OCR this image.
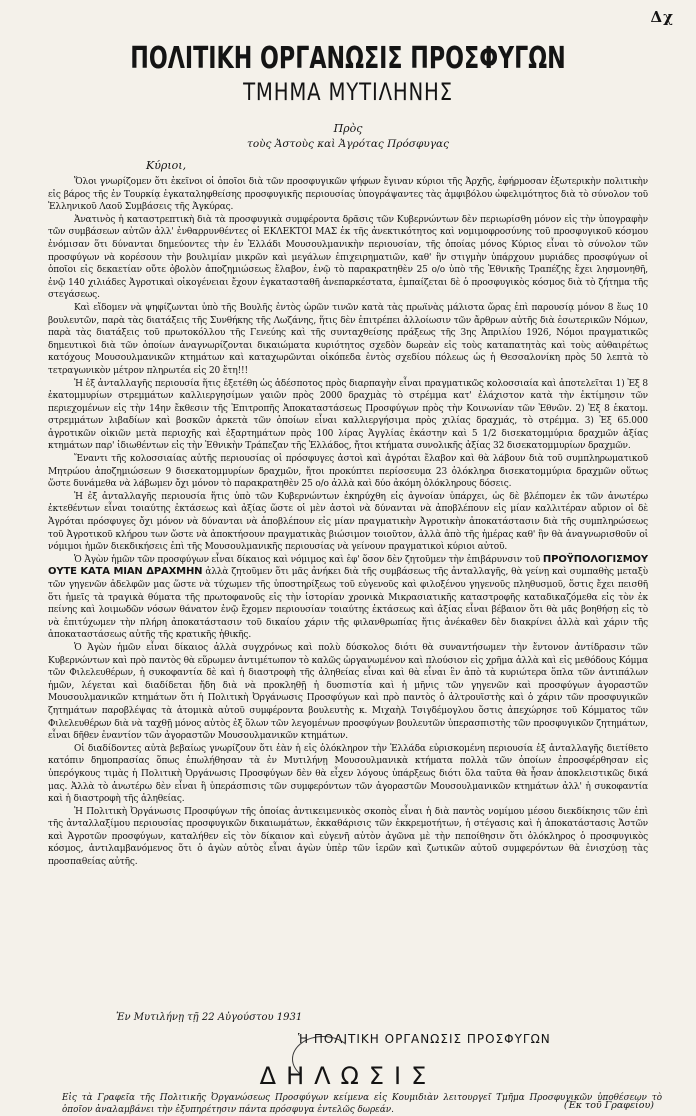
Δχ
ΠΟΛΙΤΙΚΗ ΟΡΓΑΝΩΣΙΣ ΠΡΟΣΦΥΓΩΝ
ΤΜΗΜΑ ΜΥΤΙΛΗΝΗΣ
Πρὸς
τοὺς Ἀστοὺς καὶ Ἀγρότας Πρόσφυγας
Κύριοι,

Ὅλοι γνωρίζομεν ὅτι ἐκεῖνοι οἱ ὁποῖοι διὰ τῶν προσφυγικῶν ψήφων ἔγιναν κύριοι τῆς Ἀρχῆς, ἐφήρμοσαν ἐξωτερικὴν πολιτικὴν εἰς βάρος τῆς ἐν Τουρκίᾳ ἐγκαταληφθείσης προσφυγικῆς περιουσίας ὑπογράψαντες τὰς ἀμφιβόλου ὠφελιμότητος διὰ τὸ σύνολον τοῦ Ἑλληνικοῦ Λαοῦ Συμβάσεις τῆς Ἀγκύρας.

Ἀνατινὸς ἡ καταστρεπτικὴ διὰ τὰ προσφυγικὰ συμφέροντα δρᾶσις τῶν Κυβερνώντων δὲν περιωρίσθη μόνον εἰς τὴν ὑπογραφὴν τῶν συμβάσεων αὐτῶν ἀλλ' ἐνθαρρυνθέντες οἱ ΕΚΛΕΚΤΟΙ ΜΑΣ ἐκ τῆς ἀνεκτικότητος καὶ νομιμοφροσύνης τοῦ προσφυγικοῦ κόσμου ἐνόμισαν ὅτι δύνανται δημεύοντες τὴν ἐν Ἑλλάδι Μουσουλμανικὴν περιουσίαν, τῆς ὁποίας μόνος Κύριος εἶναι τὸ σύνολον τῶν προσφύγων νὰ κορέσουν τὴν βουλιμίαν μικρῶν καὶ μεγάλων ἐπιχειρηματιῶν, καθ' ἣν στιγμὴν ὑπάρχουν μυριάδες προσφύγων οἱ ὁποῖοι εἰς δεκαετίαν οὔτε ὀβολὸν ἀποζημιώσεως ἔλαβον, ἐνῷ τὸ παρακρατηθὲν 25 ο/ο ὑπὸ τῆς Ἐθνικῆς Τραπέζης ἔχει λησμονηθῆ, ἐνῷ 140 χιλιάδες Ἀγροτικαὶ οἰκογένειαι ἔχουν ἐγκατασταθῆ ἀνεπαρκέστατα, ἐμπαίζεται δὲ ὁ προσφυγικὸς κόσμος διὰ τὸ ζήτημα τῆς στεγάσεως.

Καὶ εἴδομεν νὰ ψηφίζωνται ὑπὸ τῆς Βουλῆς ἐντὸς ὡρῶν τινῶν κατὰ τὰς πρωϊνὰς μάλιστα ὥρας ἐπὶ παρουσίᾳ μόνον 8 ἕως 10 βουλευτῶν, παρὰ τὰς διατάξεις τῆς Συνθήκης τῆς Λωζάνης, ἥτις δὲν ἐπιτρέπει ἀλλοίωσιν τῶν ἄρθρων αὐτῆς διὰ ἐσωτερικῶν Νόμων, παρὰ τὰς διατάξεις τοῦ πρωτοκόλλου τῆς Γενεύης καὶ τῆς συνταχθείσης πράξεως τῆς 3ης Ἀπριλίου 1926, Νόμοι πραγματικῶς δημευτικοὶ διὰ τῶν ὁποίων ἀναγνωρίζονται δικαιώματα κυριότητος σχεδὸν δωρεὰν εἰς τοὺς καταπατητὰς καὶ τοὺς αὐθαιρέτως κατόχους Μουσουλμανικῶν κτημάτων καὶ καταχωρῶνται οἰκόπεδα ἐντὸς σχεδίου πόλεως ὡς ἡ Θεσσαλονίκη πρὸς 50 λεπτὰ τὸ τετραγωνικὸν μέτρον πληρωτέα εἰς 20 ἔτη!!!

Ἡ ἐξ ἀνταλλαγῆς περιουσία ἥτις ἐξετέθη ὡς ἀδέσποτος πρὸς διαρπαγὴν εἶναι πραγματικῶς κολοσσιαία καὶ ἀποτελεῖται 1) Ἐξ 8 ἑκατομμυρίων στρεμμάτων καλλιεργησίμων γαιῶν πρὸς 2000 δραχμὰς τὸ στρέμμα κατ' ἐλάχιστον κατὰ τὴν ἐκτίμησιν τῶν περιεχομένων εἰς τὴν 14ην ἔκθεσιν τῆς Ἐπιτροπῆς Ἀποκαταστάσεως Προσφύγων πρὸς τὴν Κοινωνίαν τῶν Ἐθνῶν. 2) Ἐξ 8 ἑκατομ. στρεμμάτων λιβαδίων καὶ βοσκῶν ἀρκετὰ τῶν ὁποίων εἶναι καλλιεργήσιμα πρὸς χιλίας δραχμάς, τὸ στρέμμα. 3) Ἐξ 65.000 ἀγροτικῶν οἰκιῶν μετὰ περιοχῆς καὶ ἐξαρτημάτων πρὸς 100 λίρας Ἀγγλίας ἑκάστην καὶ 5 1/2 δισεκατομμύρια δραχμῶν ἀξίας κτημάτων παρ' ἰδιωθέντων εἰς τὴν Ἐθνικὴν Τράπεζαν τῆς Ἑλλάδος, ἤτοι κτήματα συνολικῆς ἀξίας 32 δισεκατομμυρίων δραχμῶν.

Ἔναντι τῆς κολοσσιαίας αὐτῆς περιουσίας οἱ πρόσφυγες ἀστοὶ καὶ ἀγρόται ἔλαβον καὶ θὰ λάβουν διὰ τοῦ συμπληρωματικοῦ Μητρώου ἀποζημιώσεων 9 δισεκατομμυρίων δραχμῶν, ἤτοι προκύπτει περίσσευμα 23 ὁλόκληρα δισεκατομμύρια δραχμῶν οὕτως ὥστε δυνάμεθα νὰ λάβωμεν ὄχι μόνον τὸ παρακρατηθὲν 25 ο/ο ἀλλὰ καὶ δύο ἀκόμη ὁλόκληρους δόσεις.

Ἡ ἐξ ἀνταλλαγῆς περιουσία ἥτις ὑπὸ τῶν Κυβερνώντων ἐκηρύχθη εἰς ἀγνοίαν ὑπάρχει, ὡς δὲ βλέπομεν ἐκ τῶν ἀνωτέρω ἐκτεθέντων εἶναι τοιαύτης ἐκτάσεως καὶ ἀξίας ὥστε οἱ μὲν ἀστοὶ νὰ δύνανται νὰ ἀποβλέπουν εἰς μίαν καλλιτέραν αὔριον οἱ δὲ Ἀγρόται πρόσφυγες ὄχι μόνον νὰ δύνανται νὰ ἀποβλέπουν εἰς μίαν πραγματικὴν Ἀγροτικὴν ἀποκατάστασιν διὰ τῆς συμπληρώσεως τοῦ Ἀγροτικοῦ κλήρου των ὥστε νὰ ἀποκτήσουν πραγματικὰς βιώσιμον τοιοῦτον, ἀλλὰ ἀπὸ τῆς ἡμέρας καθ' ἣν θὰ ἀναγνωρισθοῦν οἱ νόμιμοι ἡμῶν διεκδικήσεις ἐπὶ τῆς Μουσουλμανικῆς περιουσίας νὰ γείνουν πραγματικοὶ κύριοι αὐτοῦ.

Ὁ Ἀγὼν ἡμῶν τῶν προσφύγων εἶναι δίκαιος καὶ νόμιμος καὶ ἐφ' ὅσον δὲν ζητοῦμεν τὴν ἐπιβάρυνσιν τοῦ ΠΡΟΫΠΟΛΟΓΙΣΜΟΥ ΟΥΤΕ ΚΑΤΑ ΜΙΑΝ ΔΡΑΧΜΗΝ ἀλλὰ ζητοῦμεν ὅτι μᾶς ἀνήκει διὰ τῆς συμβάσεως τῆς ἀνταλλαγῆς, θὰ γείνῃ καὶ συμπαθὴς μεταξὺ τῶν γηγενῶν ἀδελφῶν μας ὥστε νὰ τύχωμεν τῆς ὑποστηρίξεως τοῦ εὐγενοῦς καὶ φιλοξένου γηγενοῦς πληθυσμοῦ, ὅστις ἔχει πεισθῆ ὅτι ἡμεῖς τὰ τραγικὰ θύματα τῆς πρωτοφανοῦς εἰς τὴν ἱστορίαν χρονικὰ Μικρασιατικῆς καταστροφῆς καταδικαζόμεθα εἰς τὸν ἐκ πείνης καὶ λοιμωδῶν νόσων θάνατον ἐνῷ ἔχομεν περιουσίαν τοιαύτης ἐκτάσεως καὶ ἀξίας εἶναι βέβαιον ὅτι θὰ μᾶς βοηθήσῃ εἰς τὸ νὰ ἐπιτύχωμεν τὴν πλήρη ἀποκατάστασιν τοῦ δικαίου χάριν τῆς φιλανθρωπίας ἥτις ἀνέκαθεν δὲν διακρίνει ἀλλὰ καὶ χάριν τῆς ἀποκαταστάσεως αὐτῆς τῆς κρατικῆς ἠθικῆς.

Ὁ Ἀγὼν ἡμῶν εἶναι δίκαιος ἀλλὰ συγχρόνως καὶ πολὺ δύσκολος διότι θὰ συναντήσωμεν τὴν ἔντονον ἀντίδρασιν τῶν Κυβερνώντων καὶ πρὸ παντὸς θὰ εὕρωμεν ἀντιμέτωπον τὸ καλῶς ὠργανωμένον καὶ πλούσιον εἰς χρῆμα ἀλλὰ καὶ εἰς μεθόδους Κόμμα τῶν Φιλελευθέρων, ἡ συκοφαντία δὲ καὶ ἡ διαστροφὴ τῆς ἀληθείας εἶναι καὶ θὰ εἶναι ἓν ἀπὸ τὰ κυριώτερα ὅπλα τῶν ἀντιπάλων ἡμῶν, λέγεται καὶ διαδίδεται ἤδη διὰ νὰ προκληθῇ ἡ δυσπιστία καὶ ἡ μῆνις τῶν γηγενῶν καὶ προσφύγων ἀγοραστῶν Μουσουλμανικῶν κτημάτων ὅτι ἡ Πολιτικὴ Ὀργάνωσις Προσφύγων καὶ πρὸ παντὸς ὁ ἀλτρουϊστὴς καὶ ὁ χάριν τῶν προσφυγικῶν ζητημάτων παροβλέψας τὰ ἀτομικὰ αὐτοῦ συμφέροντα βουλευτὴς κ. Μιχαὴλ Τσιγδέμογλου ὅστις ἀπεχώρησε τοῦ Κόμματος τῶν Φιλελευθέρων διὰ νὰ ταχθῇ μόνος αὐτὸς ἐξ ὅλων τῶν λεγομένων προσφύγων βουλευτῶν ὑπερασπιστὴς τῶν προσφυγικῶν ζητημάτων, εἶναι δῆθεν ἐναντίον τῶν ἀγοραστῶν Μουσουλμανικῶν κτημάτων.

Οἱ διαδίδοντες αὐτὰ βεβαίως γνωρίζουν ὅτι ἐὰν ἡ εἰς ὁλόκληρον τὴν Ἑλλάδα εὑρισκομένη περιουσία ἐξ ἀνταλλαγῆς διετίθετο κατόπιν δημοπρασίας ὅπως ἐπωλήθησαν τὰ ἐν Μυτιλήνῃ Μουσουλμανικὰ κτήματα πολλὰ τῶν ὁποίων ἐπροσφέρθησαν εἰς ὑπερόγκους τιμὰς ἡ Πολιτικὴ Ὀργάνωσις Προσφύγων δὲν θὰ εἶχεν λόγους ὑπάρξεως διότι ὅλα ταῦτα θὰ ἦσαν ἀποκλειστικῶς δικά μας. Ἀλλὰ τὸ ἀνωτέρω δὲν εἶναι ἢ ὑπεράσπισις τῶν συμφερόντων τῶν ἀγοραστῶν Μουσουλμανικῶν κτημάτων ἀλλ' ἡ συκοφαντία καὶ ἡ διαστροφὴ τῆς ἀληθείας.

Ἡ Πολιτικὴ Ὀργάνωσις Προσφύγων τῆς ὁποίας ἀντικειμενικὸς σκοπὸς εἶναι ἡ διὰ παντὸς νομίμου μέσου διεκδίκησις τῶν ἐπὶ τῆς ἀνταλλαξίμου περιουσίας προσφυγικῶν δικαιωμάτων, ἐκκαθάρισις τῶν ἐκκρεμοτήτων, ἡ στέγασις καὶ ἡ ἀποκατάστασις Ἀστῶν καὶ Ἀγροτῶν προσφύγων, καταλήθεν εἰς τὸν δίκαιον καὶ εὐγενῆ αὐτὸν ἀγῶνα μὲ τὴν πεποίθησιν ὅτι ὁλόκληρος ὁ προσφυγικὸς κόσμος, ἀντιλαμβανόμενος ὅτι ὁ ἀγὼν αὐτὸς εἶναι ἀγὼν ὑπὲρ τῶν ἱερῶν καὶ ζωτικῶν αὐτοῦ συμφερόντων θὰ ἐνισχύσῃ τὰς προσπαθείας αὐτῆς.

Ἐν Μυτιλήνῃ τῇ 22 Αὐγούστου 1931
Ἡ ΠΟΛΙΤΙΚΗ ΟΡΓΑΝΩΣΙΣ ΠΡΟΣΦΥΓΩΝ
ΔΗΛΩΣΙΣ
Εἰς τὰ Γραφεῖα τῆς Πολιτικῆς Ὀργανώσεως Προσφύγων κείμενα εἰς Κουμιδιὰν λειτουργεῖ Τμῆμα Προσφυγικῶν ὑποθέσεων τὸ ὁποῖον ἀναλαμβάνει τὴν ἐξυπηρέτησιν πάντα πρόσφυγα ἐντελῶς δωρεάν.	(Ἐκ τοῦ Γραφείου)
